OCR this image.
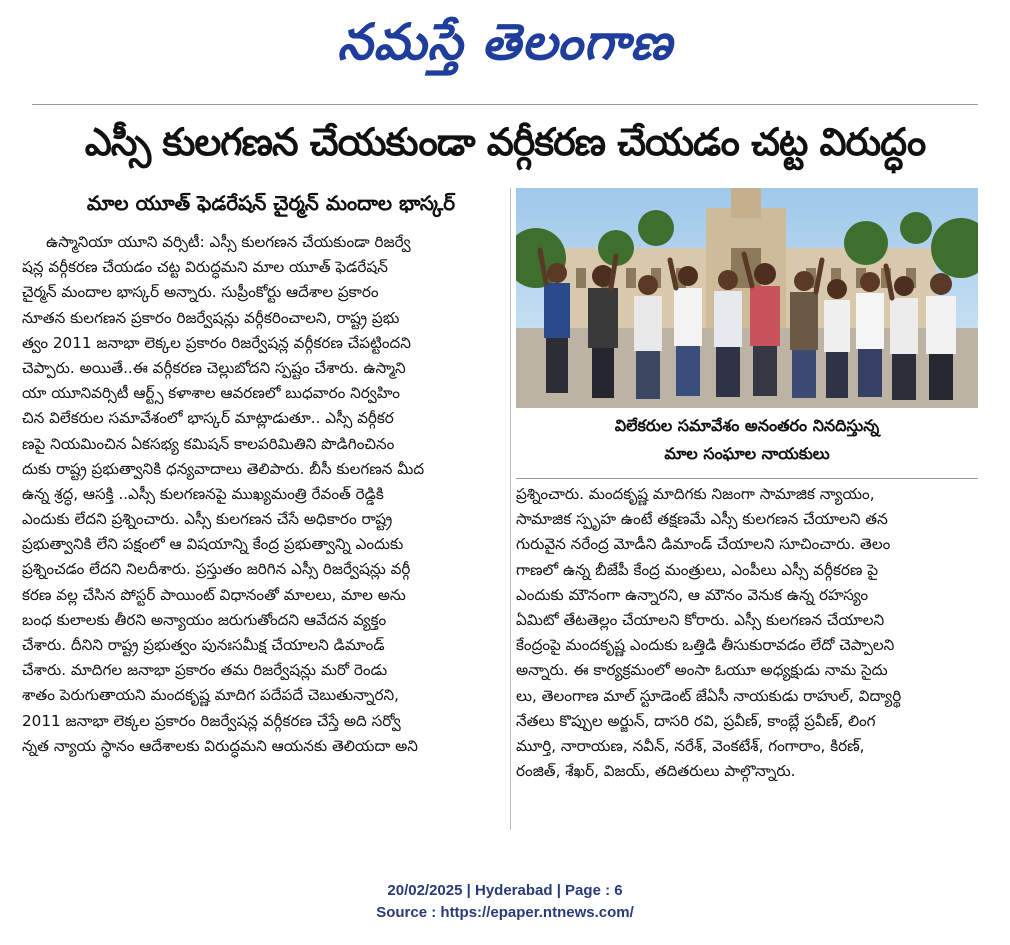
నమస్తే తెలంగాణ
ఎస్సీ కులగణన చేయకుండా వర్గీకరణ చేయడం చట్ట విరుద్ధం
మాల యూత్‌ ఫెడరేషన్‌ చైర్మన్‌ మందాల భాస్కర్‌
ఉస్మానియా యూని వర్సిటీ: ఎస్సీ కులగణన చేయకుండా రిజర్వే
షన్ల వర్గీకరణ చేయడం చట్ట విరుద్ధమని మాల యూత్‌ ఫెడరేషన్‌
చైర్మన్‌ మందాల భాస్కర్‌ అన్నారు. సుప్రీంకోర్టు ఆదేశాల ప్రకారం
నూతన కులగణన ప్రకారం రిజర్వేషన్లు వర్గీకరించాలని, రాష్ట్ర ప్రభు
త్వం 2011 జనాభా లెక్కల ప్రకారం రిజర్వేషన్ల వర్గీకరణ చేపట్టిందని
చెప్పారు. అయితే..ఈ వర్గీకరణ చెల్లుబోదని స్పష్టం చేశారు. ఉస్మాని
యా యూనివర్సిటీ ఆర్ట్స్‌ కళాశాల ఆవరణలో బుధవారం నిర్వహిం
చిన విలేకరుల సమావేశంలో భాస్కర్‌ మాట్లాడుతూ.. ఎస్సీ వర్గీకర
ణపై నియమించిన ఏకసభ్య కమిషన్‌ కాలపరిమితిని పొడిగించినం
దుకు రాష్ట్ర ప్రభుత్వానికి ధన్యవాదాలు తెలిపారు. బీసీ కులగణన మీద
ఉన్న శ్రద్ధ, ఆసక్తి ..ఎస్సీ కులగణనపై ముఖ్యమంత్రి రేవంత్‌ రెడ్డికి
ఎందుకు లేదని ప్రశ్నించారు. ఎస్సీ కులగణన చేసే అధికారం రాష్ట్ర
ప్రభుత్వానికి లేని పక్షంలో ఆ విషయాన్ని కేంద్ర ప్రభుత్వాన్ని ఎందుకు
ప్రశ్నించడం లేదని నిలదీశారు. ప్రస్తుతం జరిగిన ఎస్సీ రిజర్వేషన్లు వర్గీ
కరణ వల్ల చేసిన పోస్టర్‌ పాయింట్‌ విధానంతో మాలలు, మాల అను
బంధ కులాలకు తీరని అన్యాయం జరుగుతోందని ఆవేదన వ్యక్తం
చేశారు. దీనిని రాష్ట్ర ప్రభుత్వం పునఃసమీక్ష చేయాలని డిమాండ్‌
చేశారు. మాదిగల జనాభా ప్రకారం తమ రిజర్వేషన్లు మరో రెండు
శాతం పెరుగుతాయని మందకృష్ణ మాదిగ పదేపదే చెబుతున్నారని,
2011 జనాభా లెక్కల ప్రకారం రిజర్వేషన్ల వర్గీకరణ చేస్తే అది సర్వో
న్నత న్యాయ స్థానం ఆదేశాలకు విరుద్ధమని ఆయనకు తెలియదా అని
విలేకరుల సమావేశం అనంతరం నినదిస్తున్న
మాల సంఘాల నాయకులు
ప్రశ్నించారు. మందకృష్ణ మాదిగకు నిజంగా సామాజిక న్యాయం,
సామాజిక స్పృహ ఉంటే తక్షణమే ఎస్సీ కులగణన చేయాలని తన
గురువైన నరేంద్ర మోడీని డిమాండ్‌ చేయాలని సూచించారు. తెలం
గాణలో ఉన్న బీజేపీ కేంద్ర మంత్రులు, ఎంపీలు ఎస్సీ వర్గీకరణ పై
ఎందుకు మౌనంగా ఉన్నారని, ఆ మౌనం వెనుక ఉన్న రహస్యం
ఏమిటో తేటతెల్లం చేయాలని కోరారు. ఎస్సీ కులగణన చేయాలని
కేంద్రంపై మందకృష్ణ ఎందుకు ఒత్తిడి తీసుకురావడం లేదో చెప్పాలని
అన్నారు. ఈ కార్యక్రమంలో అంసా ఓయూ అధ్యక్షుడు నామ సైదు
లు, తెలంగాణ మాల్‌ స్టూడెంట్‌ జేఏసీ నాయకుడు రాహుల్‌, విద్యార్థి
నేతలు కొప్పుల అర్జున్‌, దాసరి రవి, ప్రవీణ్‌, కాంబ్లే ప్రవీణ్‌, లింగ
మూర్తి, నారాయణ, నవీన్‌, నరేశ్‌, వెంకటేశ్‌, గంగారాం, కిరణ్‌,
రంజిత్‌, శేఖర్‌, విజయ్‌, తదితరులు పాల్గొన్నారు.
20/02/2025 | Hyderabad | Page : 6
Source : https://epaper.ntnews.com/
